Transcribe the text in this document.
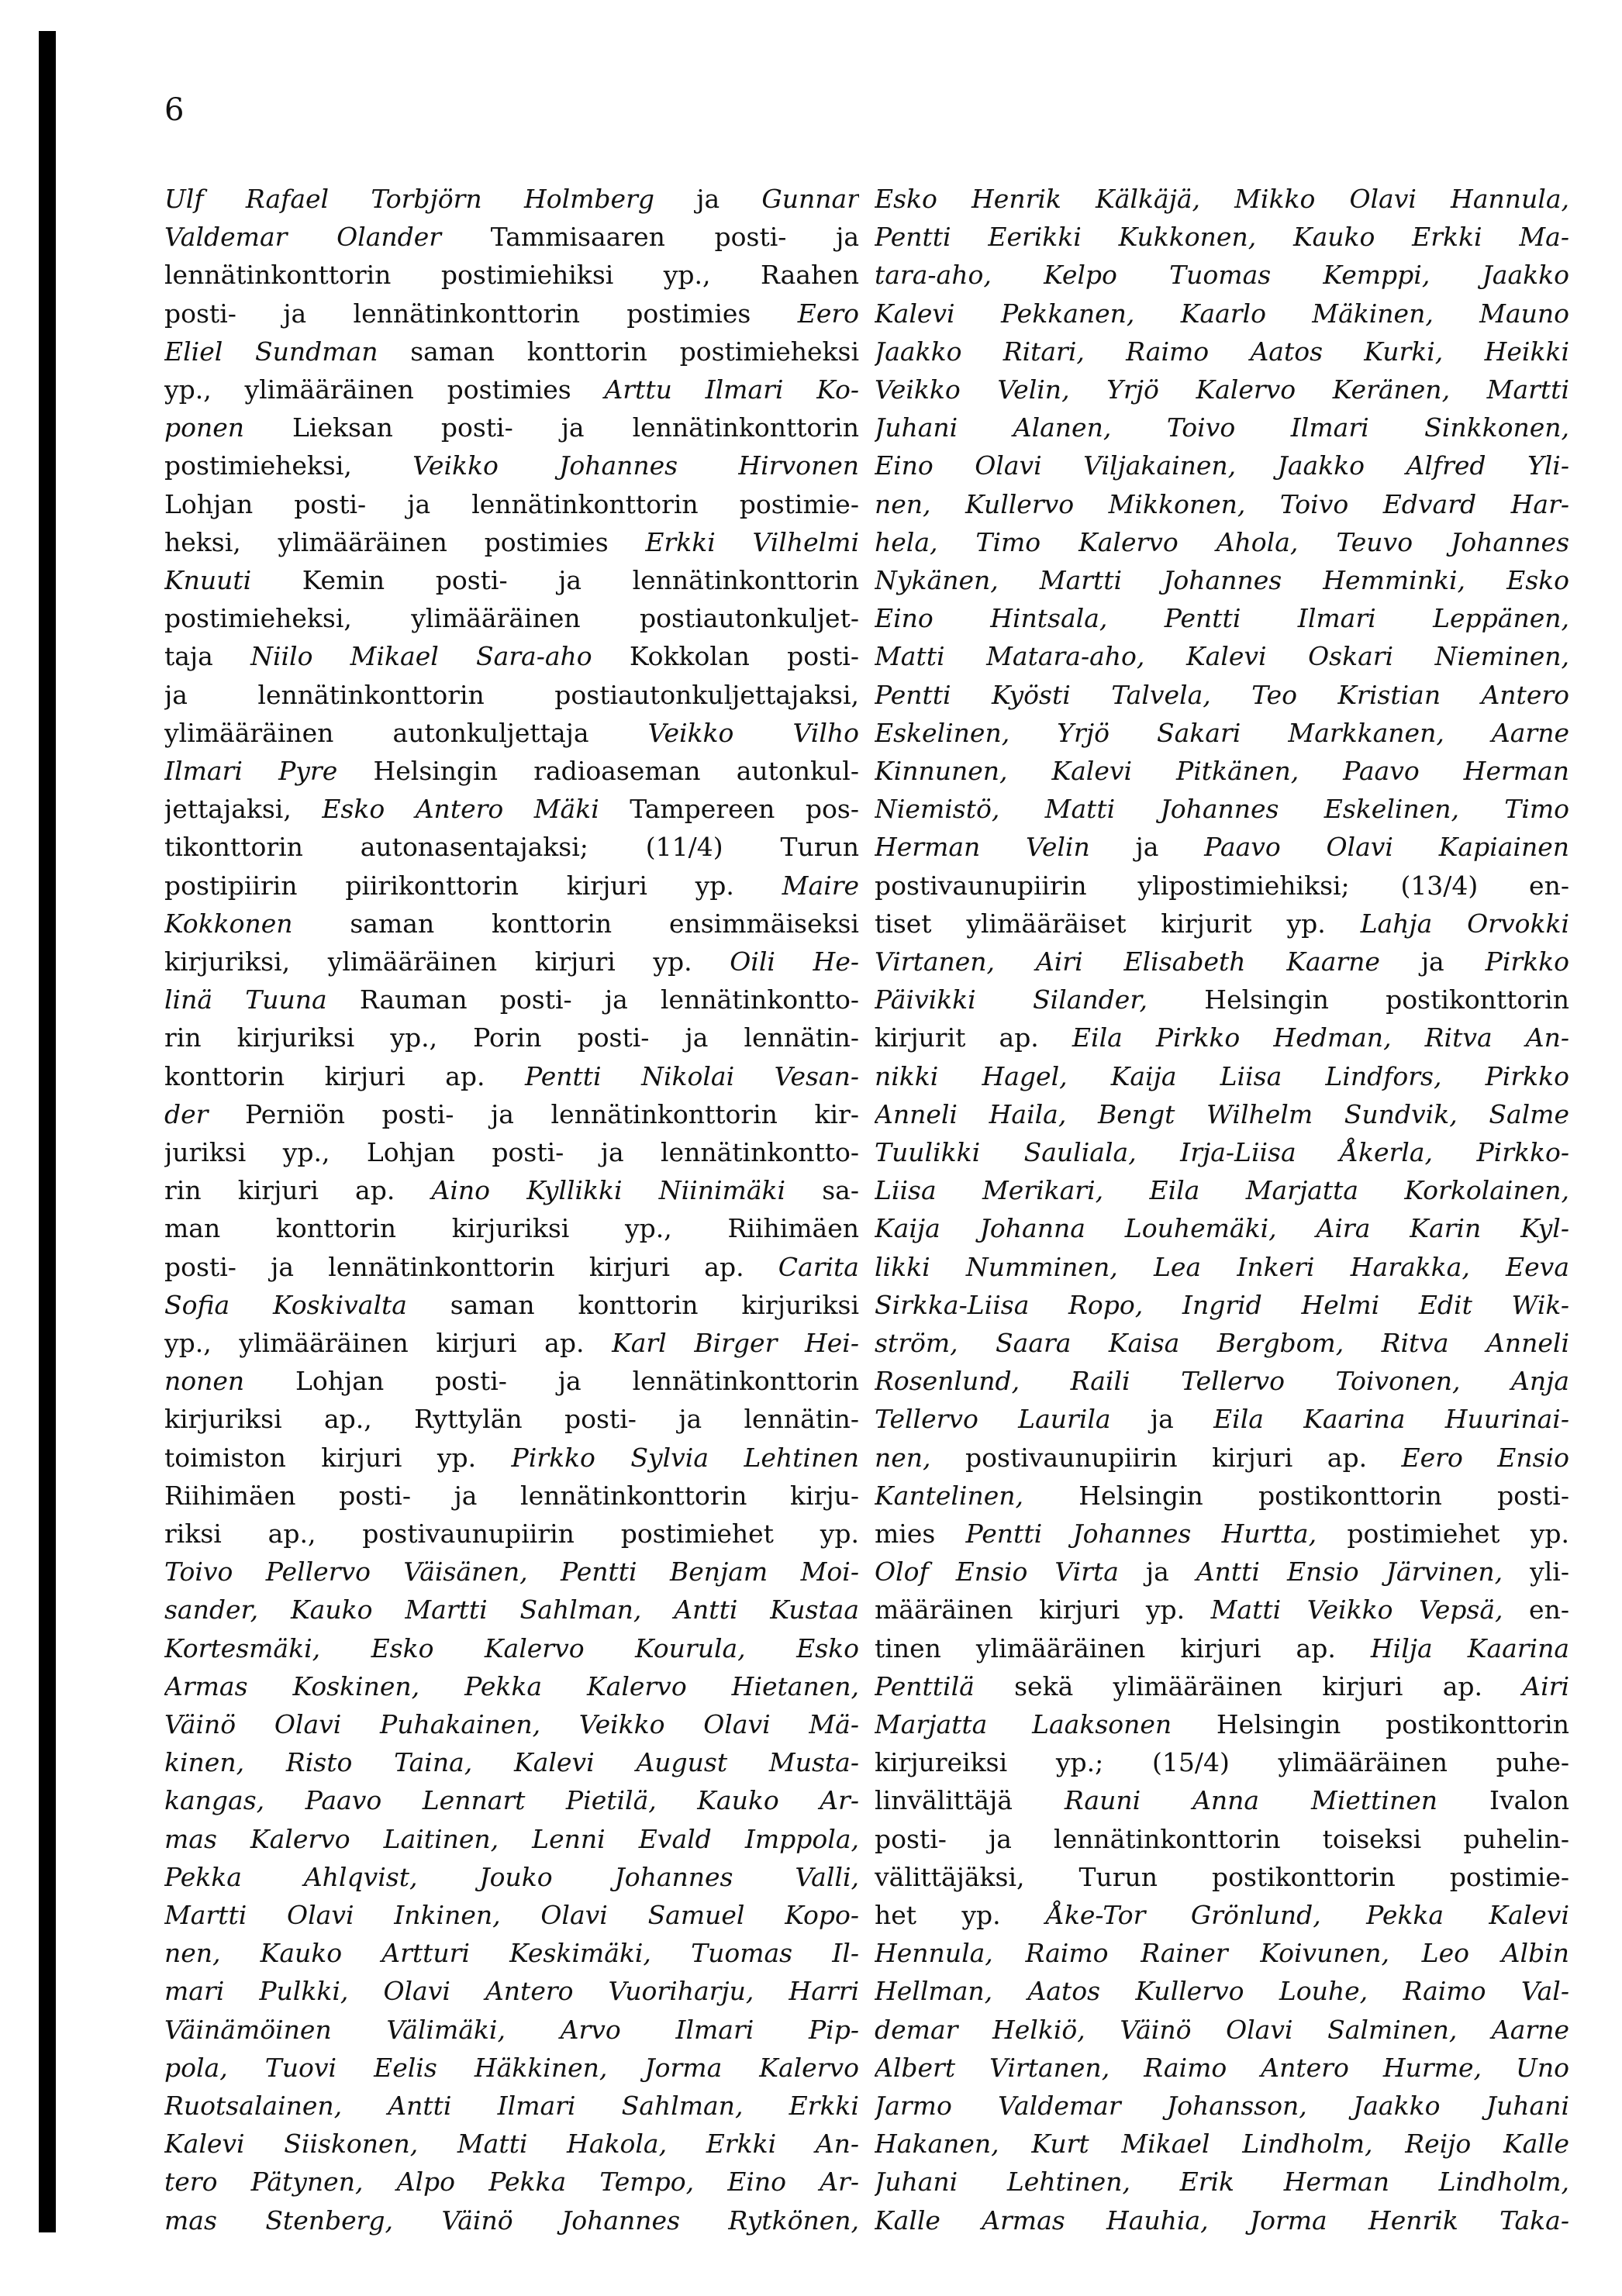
6
Ulf Rafael Torbjörn Holmberg ja Gunnar
Valdemar Olander Tammisaaren posti- ja
lennätinkonttorin postimiehiksi yp., Raahen
posti- ja lennätinkonttorin postimies Eero
Eliel Sundman saman konttorin postimieheksi
yp., ylimääräinen postimies Arttu Ilmari Ko-
ponen Lieksan posti- ja lennätinkonttorin
postimieheksi, Veikko Johannes Hirvonen
Lohjan posti- ja lennätinkonttorin postimie-
heksi, ylimääräinen postimies Erkki Vilhelmi
Knuuti Kemin posti- ja lennätinkonttorin
postimieheksi, ylimääräinen postiautonkuljet-
taja Niilo Mikael Sara-aho Kokkolan posti-
ja lennätinkonttorin postiautonkuljettajaksi,
ylimääräinen autonkuljettaja Veikko Vilho
Ilmari Pyre Helsingin radioaseman autonkul-
jettajaksi, Esko Antero Mäki Tampereen pos-
tikonttorin autonasentajaksi; (11/4) Turun
postipiirin piirikonttorin kirjuri yp. Maire
Kokkonen saman konttorin ensimmäiseksi
kirjuriksi, ylimääräinen kirjuri yp. Oili He-
linä Tuuna Rauman posti- ja lennätinkontto-
rin kirjuriksi yp., Porin posti- ja lennätin-
konttorin kirjuri ap. Pentti Nikolai Vesan-
der Perniön posti- ja lennätinkonttorin kir-
juriksi yp., Lohjan posti- ja lennätinkontto-
rin kirjuri ap. Aino Kyllikki Niinimäki sa-
man konttorin kirjuriksi yp., Riihimäen
posti- ja lennätinkonttorin kirjuri ap. Carita
Sofia Koskivalta saman konttorin kirjuriksi
yp., ylimääräinen kirjuri ap. Karl Birger Hei-
nonen Lohjan posti- ja lennätinkonttorin
kirjuriksi ap., Ryttylän posti- ja lennätin-
toimiston kirjuri yp. Pirkko Sylvia Lehtinen
Riihimäen posti- ja lennätinkonttorin kirju-
riksi ap., postivaunupiirin postimiehet yp.
Toivo Pellervo Väisänen, Pentti Benjam Moi-
sander, Kauko Martti Sahlman, Antti Kustaa
Kortesmäki, Esko Kalervo Kourula, Esko
Armas Koskinen, Pekka Kalervo Hietanen,
Väinö Olavi Puhakainen, Veikko Olavi Mä-
kinen, Risto Taina, Kalevi August Mustа-
kangas, Paavo Lennart Pietilä, Kauko Ar-
mas Kalervo Laitinen, Lenni Evald Imppola,
Pekka Ahlqvist, Jouko Johannes Valli,
Martti Olavi Inkinen, Olavi Samuel Kopo-
nen, Kauko Artturi Keskimäki, Tuomas Il-
mari Pulkki, Olavi Antero Vuoriharju, Harri
Väinämöinen Välimäki, Arvo Ilmari Pip-
pola, Tuovi Eelis Häkkinen, Jorma Kalervo
Ruotsalainen, Antti Ilmari Sahlman, Erkki
Kalevi Siiskonen, Matti Hakola, Erkki An-
tero Pätynen, Alpo Pekka Tempo, Eino Ar-
mas Stenberg, Väinö Johannes Rytkönen,
Esko Henrik Kälkäjä, Mikko Olavi Hannula,
Pentti Eerikki Kukkonen, Kauko Erkki Ma-
tara-aho, Kelpo Tuomas Kemppi, Jaakko
Kalevi Pekkanen, Kaarlo Mäkinen, Mauno
Jaakko Ritari, Raimo Aatos Kurki, Heikki
Veikko Velin, Yrjö Kalervo Keränen, Martti
Juhani Alanen, Toivo Ilmari Sinkkonen,
Eino Olavi Viljakainen, Jaakko Alfred Yli-
nen, Kullervo Mikkonen, Toivo Edvard Har-
hela, Timo Kalervo Ahola, Teuvo Johannes
Nykänen, Martti Johannes Hemminki, Esko
Eino Hintsala, Pentti Ilmari Leppänen,
Matti Matara-aho, Kalevi Oskari Nieminen,
Pentti Kyösti Talvela, Teo Kristian Antero
Eskelinen, Yrjö Sakari Markkanen, Aarne
Kinnunen, Kalevi Pitkänen, Paavo Herman
Niemistö, Matti Johannes Eskelinen, Timo
Herman Velin ja Paavo Olavi Kapiainen
postivaunupiirin ylipostimiehiksi; (13/4) en-
tiset ylimääräiset kirjurit yp. Lahja Orvokki
Virtanen, Airi Elisabeth Kaarne ja Pirkko
Päivikki Silander, Helsingin postikonttorin
kirjurit ap. Eila Pirkko Hedman, Ritva An-
nikki Hagel, Kaija Liisa Lindfors, Pirkko
Anneli Haila, Bengt Wilhelm Sundvik, Salme
Tuulikki Sauliala, Irja-Liisa Åkerla, Pirkko-
Liisa Merikari, Eila Marjatta Korkolainen,
Kaija Johanna Louhemäki, Aira Karin Kyl-
likki Numminen, Lea Inkeri Harakka, Eeva
Sirkka-Liisa Ropo, Ingrid Helmi Edit Wik-
ström, Saara Kaisa Bergbom, Ritva Anneli
Rosenlund, Raili Tellervo Toivonen, Anja
Tellervo Laurila ja Eila Kaarina Huurinai-
nen, postivaunupiirin kirjuri ap. Eero Ensio
Kantelinen, Helsingin postikonttorin posti-
mies Pentti Johannes Hurtta, postimiehet yp.
Olof Ensio Virta ja Antti Ensio Järvinen, yli-
määräinen kirjuri yp. Matti Veikko Vepsä, en-
tinen ylimääräinen kirjuri ap. Hilja Kaarina
Penttilä sekä ylimääräinen kirjuri ap. Airi
Marjatta Laaksonen Helsingin postikonttorin
kirjureiksi yp.; (15/4) ylimääräinen puhe-
linvälittäjä Rauni Anna Miettinen Ivalon
posti- ja lennätinkonttorin toiseksi puhelin-
välittäjäksi, Turun postikonttorin postimie-
het yp. Åke-Tor Grönlund, Pekka Kalevi
Hennula, Raimo Rainer Koivunen, Leo Albin
Hellman, Aatos Kullervo Louhe, Raimo Val-
demar Helkiö, Väinö Olavi Salminen, Aarne
Albert Virtanen, Raimo Antero Hurme, Uno
Jarmo Valdemar Johansson, Jaakko Juhani
Hakanen, Kurt Mikael Lindholm, Reijo Kalle
Juhani Lehtinen, Erik Herman Lindholm,
Kalle Armas Hauhia, Jorma Henrik Taka-
